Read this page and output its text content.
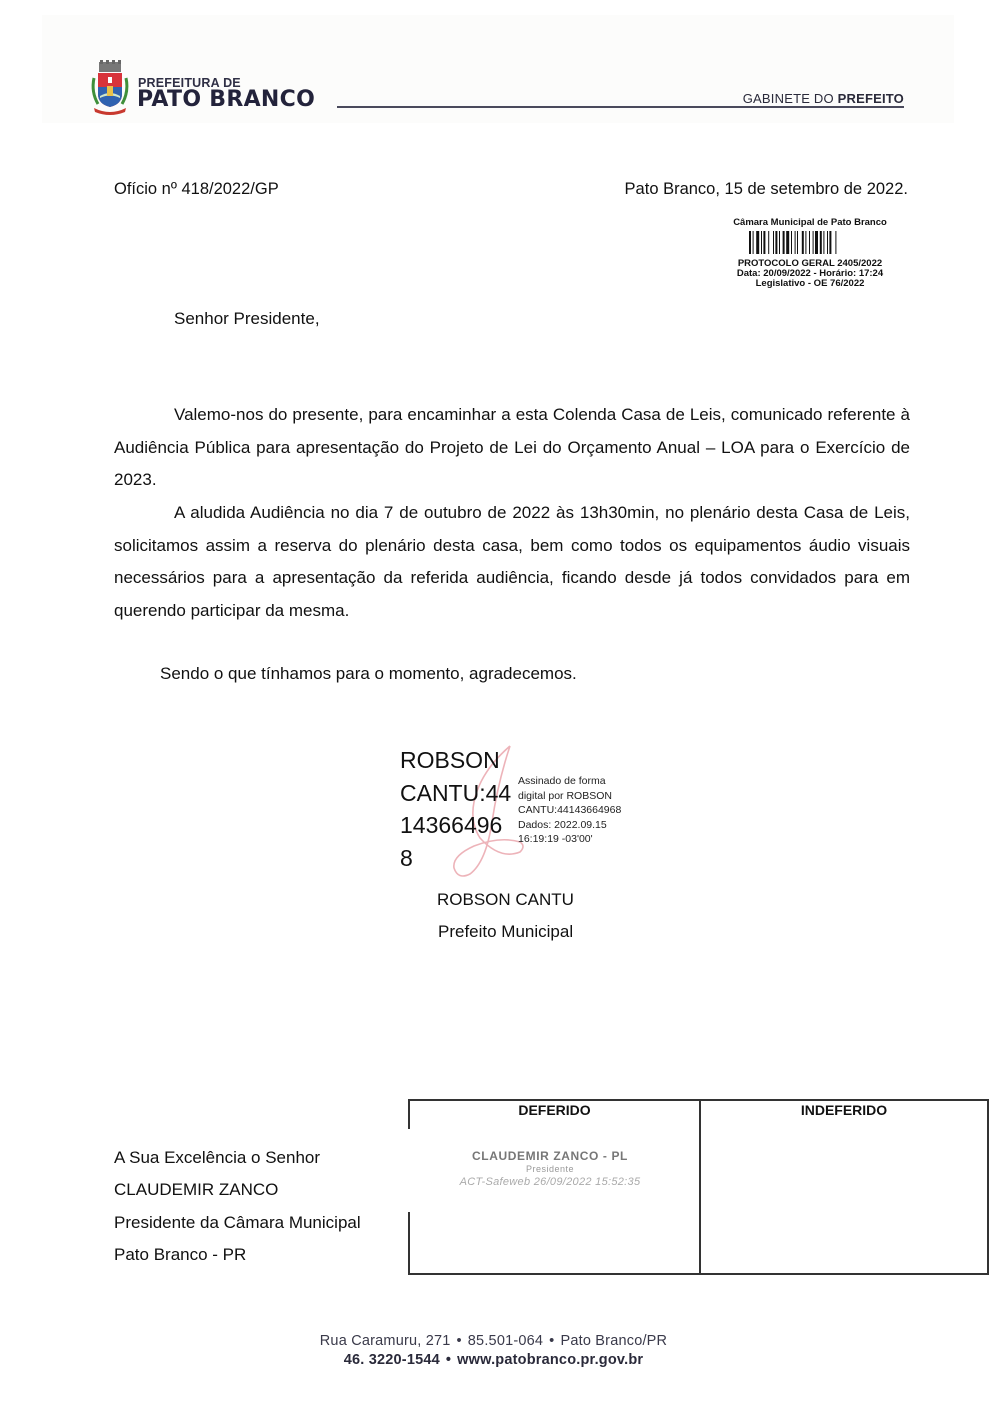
PREFEITURA DE
PATO BRANCO	GABINETE DO PREFEITO
Ofício nº 418/2022/GP	Pato Branco, 15 de setembro de 2022.
Câmara Municipal de Pato Branco
PROTOCOLO GERAL 2405/2022
Data: 20/09/2022 - Horário: 17:24
Legislativo - OE 76/2022
Senhor Presidente,
Valemo-nos do presente, para encaminhar a esta Colenda Casa de Leis, comunicado referente à Audiência Pública para apresentação do Projeto de Lei do Orçamento Anual – LOA para o Exercício de 2023.
A aludida Audiência no dia 7 de outubro de 2022 às 13h30min, no plenário desta Casa de Leis, solicitamos assim a reserva do plenário desta casa, bem como todos os equipamentos áudio visuais necessários para a apresentação da referida audiência, ficando desde já todos convidados para em querendo participar da mesma.
Sendo o que tínhamos para o momento, agradecemos.
ROBSON
CANTU:44
14366496
8
Assinado de forma
digital por ROBSON
CANTU:44143664968
Dados: 2022.09.15
16:19:19 -03'00'
ROBSON CANTU
Prefeito Municipal
A Sua Excelência o Senhor
CLAUDEMIR ZANCO
Presidente da Câmara Municipal
Pato Branco - PR
DEFERIDO	INDEFERIDO
CLAUDEMIR ZANCO - PL
Presidente
ACT-Safeweb 26/09/2022 15:52:35
Rua Caramuru, 271 • 85.501-064 • Pato Branco/PR
46. 3220-1544 • www.patobranco.pr.gov.br
